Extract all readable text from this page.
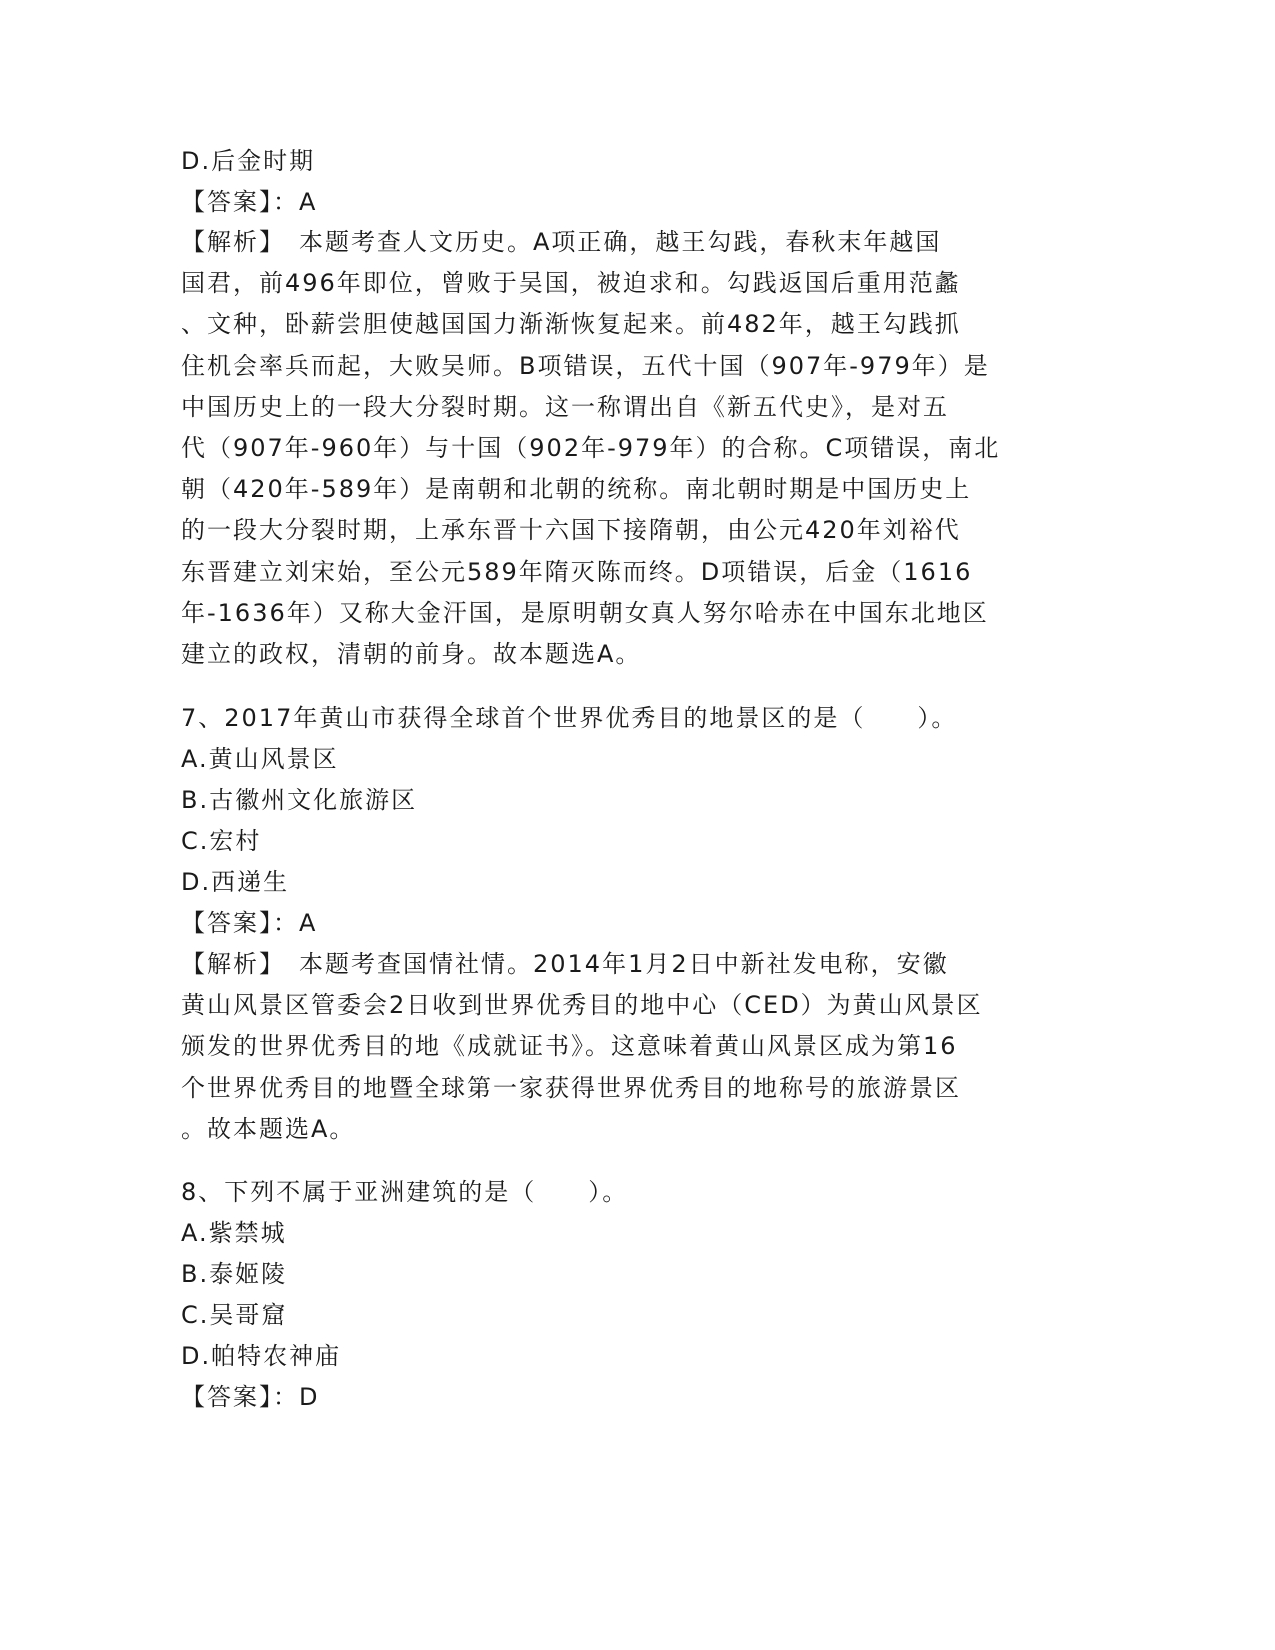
D.后金时期
【答案】：A
【解析】　本题考查人文历史。A项正确，越王勾践，春秋末年越国
国君，前496年即位，曾败于吴国，被迫求和。勾践返国后重用范蠡
、文种，卧薪尝胆使越国国力渐渐恢复起来。前482年，越王勾践抓
住机会率兵而起，大败吴师。B项错误，五代十国（907年-979年）是
中国历史上的一段大分裂时期。这一称谓出自《新五代史》，是对五
代（907年-960年）与十国（902年-979年）的合称。C项错误，南北
朝（420年-589年）是南朝和北朝的统称。南北朝时期是中国历史上
的一段大分裂时期，上承东晋十六国下接隋朝，由公元420年刘裕代
东晋建立刘宋始，至公元589年隋灭陈而终。D项错误，后金（1616
年-1636年）又称大金汗国，是原明朝女真人努尔哈赤在中国东北地区
建立的政权，清朝的前身。故本题选A。
7、2017年黄山市获得全球首个世界优秀目的地景区的是（　　）。
A.黄山风景区
B.古徽州文化旅游区
C.宏村
D.西递生
【答案】：A
【解析】　本题考查国情社情。2014年1月2日中新社发电称，安徽
黄山风景区管委会2日收到世界优秀目的地中心（CED）为黄山风景区
颁发的世界优秀目的地《成就证书》。这意味着黄山风景区成为第16
个世界优秀目的地暨全球第一家获得世界优秀目的地称号的旅游景区
。故本题选A。
8、下列不属于亚洲建筑的是（　　）。
A.紫禁城
B.泰姬陵
C.吴哥窟
D.帕特农神庙
【答案】：D
